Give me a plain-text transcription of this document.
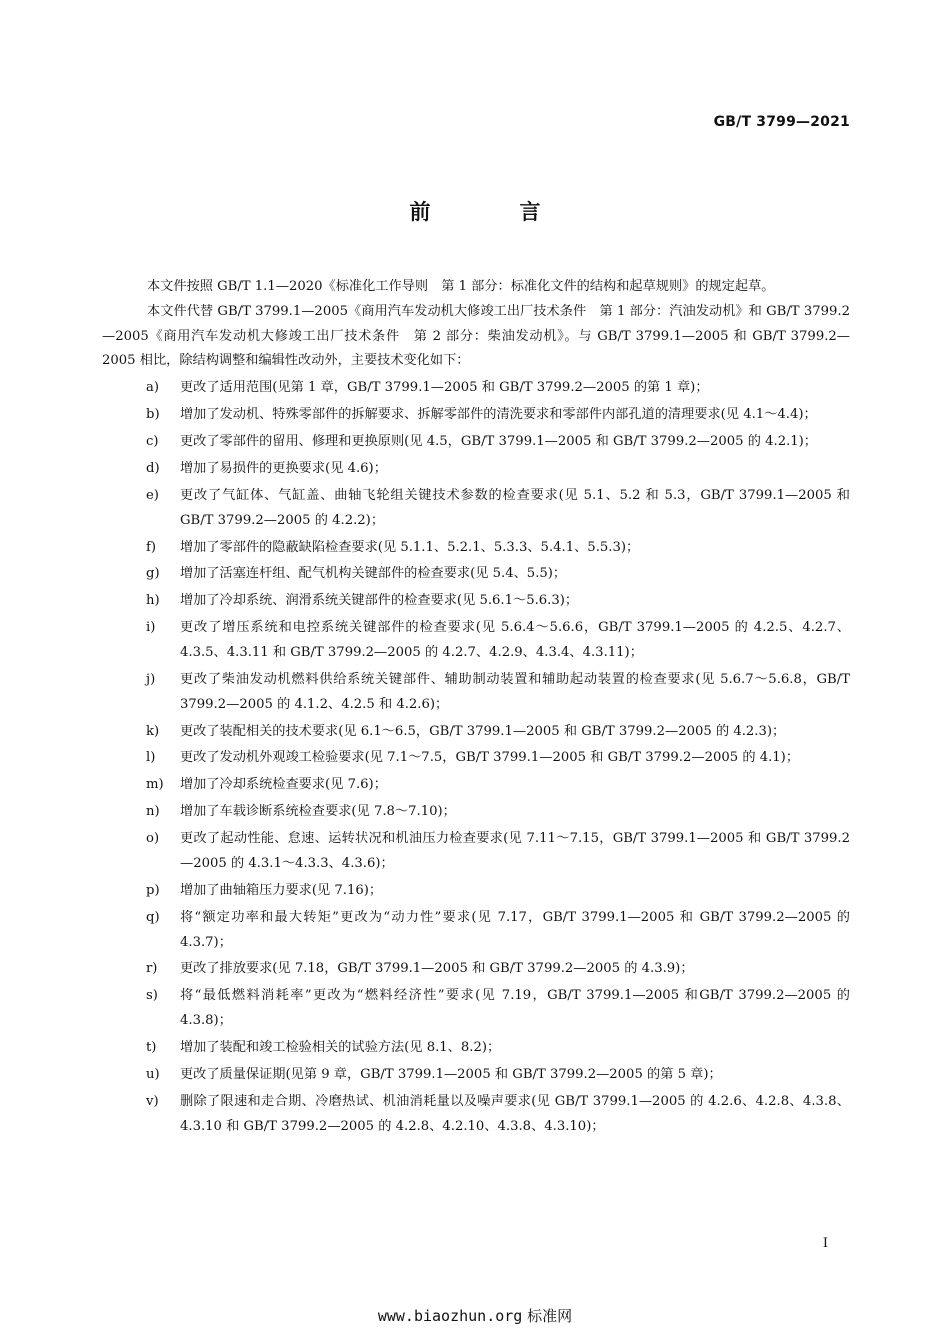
GB/T 3799—2021
前　言

本文件按照 GB/T 1.1—2020《标准化工作导则　第 1 部分：标准化文件的结构和起草规则》的规定起草。

本文件代替 GB/T 3799.1—2005《商用汽车发动机大修竣工出厂技术条件　第 1 部分：汽油发动机》和 GB/T 3799.2—2005《商用汽车发动机大修竣工出厂技术条件　第 2 部分：柴油发动机》。与 GB/T 3799.1—2005 和 GB/T 3799.2—2005 相比，除结构调整和编辑性改动外，主要技术变化如下：

a) 更改了适用范围(见第 1 章，GB/T 3799.1—2005 和 GB/T 3799.2—2005 的第 1 章)；
b) 增加了发动机、特殊零部件的拆解要求、拆解零部件的清洗要求和零部件内部孔道的清理要求(见 4.1～4.4)；
c) 更改了零部件的留用、修理和更换原则(见 4.5，GB/T 3799.1—2005 和 GB/T 3799.2—2005 的 4.2.1)；
d) 增加了易损件的更换要求(见 4.6)；
e) 更改了气缸体、气缸盖、曲轴飞轮组关键技术参数的检查要求(见 5.1、5.2 和 5.3，GB/T 3799.1—2005 和 GB/T 3799.2—2005 的 4.2.2)；
f) 增加了零部件的隐蔽缺陷检查要求(见 5.1.1、5.2.1、5.3.3、5.4.1、5.5.3)；
g) 增加了活塞连杆组、配气机构关键部件的检查要求(见 5.4、5.5)；
h) 增加了冷却系统、润滑系统关键部件的检查要求(见 5.6.1～5.6.3)；
i) 更改了增压系统和电控系统关键部件的检查要求(见 5.6.4～5.6.6，GB/T 3799.1—2005 的 4.2.5、4.2.7、4.3.5、4.3.11 和 GB/T 3799.2—2005 的 4.2.7、4.2.9、4.3.4、4.3.11)；
j) 更改了柴油发动机燃料供给系统关键部件、辅助制动装置和辅助起动装置的检查要求(见 5.6.7～5.6.8，GB/T 3799.2—2005 的 4.1.2、4.2.5 和 4.2.6)；
k) 更改了装配相关的技术要求(见 6.1～6.5，GB/T 3799.1—2005 和 GB/T 3799.2—2005 的 4.2.3)；
l) 更改了发动机外观竣工检验要求(见 7.1～7.5，GB/T 3799.1—2005 和 GB/T 3799.2—2005 的 4.1)；
m) 增加了冷却系统检查要求(见 7.6)；
n) 增加了车载诊断系统检查要求(见 7.8～7.10)；
o) 更改了起动性能、怠速、运转状况和机油压力检查要求(见 7.11～7.15，GB/T 3799.1—2005 和 GB/T 3799.2—2005 的 4.3.1～4.3.3、4.3.6)；
p) 增加了曲轴箱压力要求(见 7.16)；
q) 将“额定功率和最大转矩”更改为“动力性”要求(见 7.17，GB/T 3799.1—2005 和 GB/T 3799.2—2005 的 4.3.7)；
r) 更改了排放要求(见 7.18，GB/T 3799.1—2005 和 GB/T 3799.2—2005 的 4.3.9)；
s) 将“最低燃料消耗率”更改为“燃料经济性”要求(见 7.19，GB/T 3799.1—2005 和GB/T 3799.2—2005 的 4.3.8)；
t) 增加了装配和竣工检验相关的试验方法(见 8.1、8.2)；
u) 更改了质量保证期(见第 9 章，GB/T 3799.1—2005 和 GB/T 3799.2—2005 的第 5 章)；
v) 删除了限速和走合期、冷磨热试、机油消耗量以及噪声要求(见 GB/T 3799.1—2005 的 4.2.6、4.2.8、4.3.8、4.3.10 和 GB/T 3799.2—2005 的 4.2.8、4.2.10、4.3.8、4.3.10)；
I
www.biaozhun.org 标准网
